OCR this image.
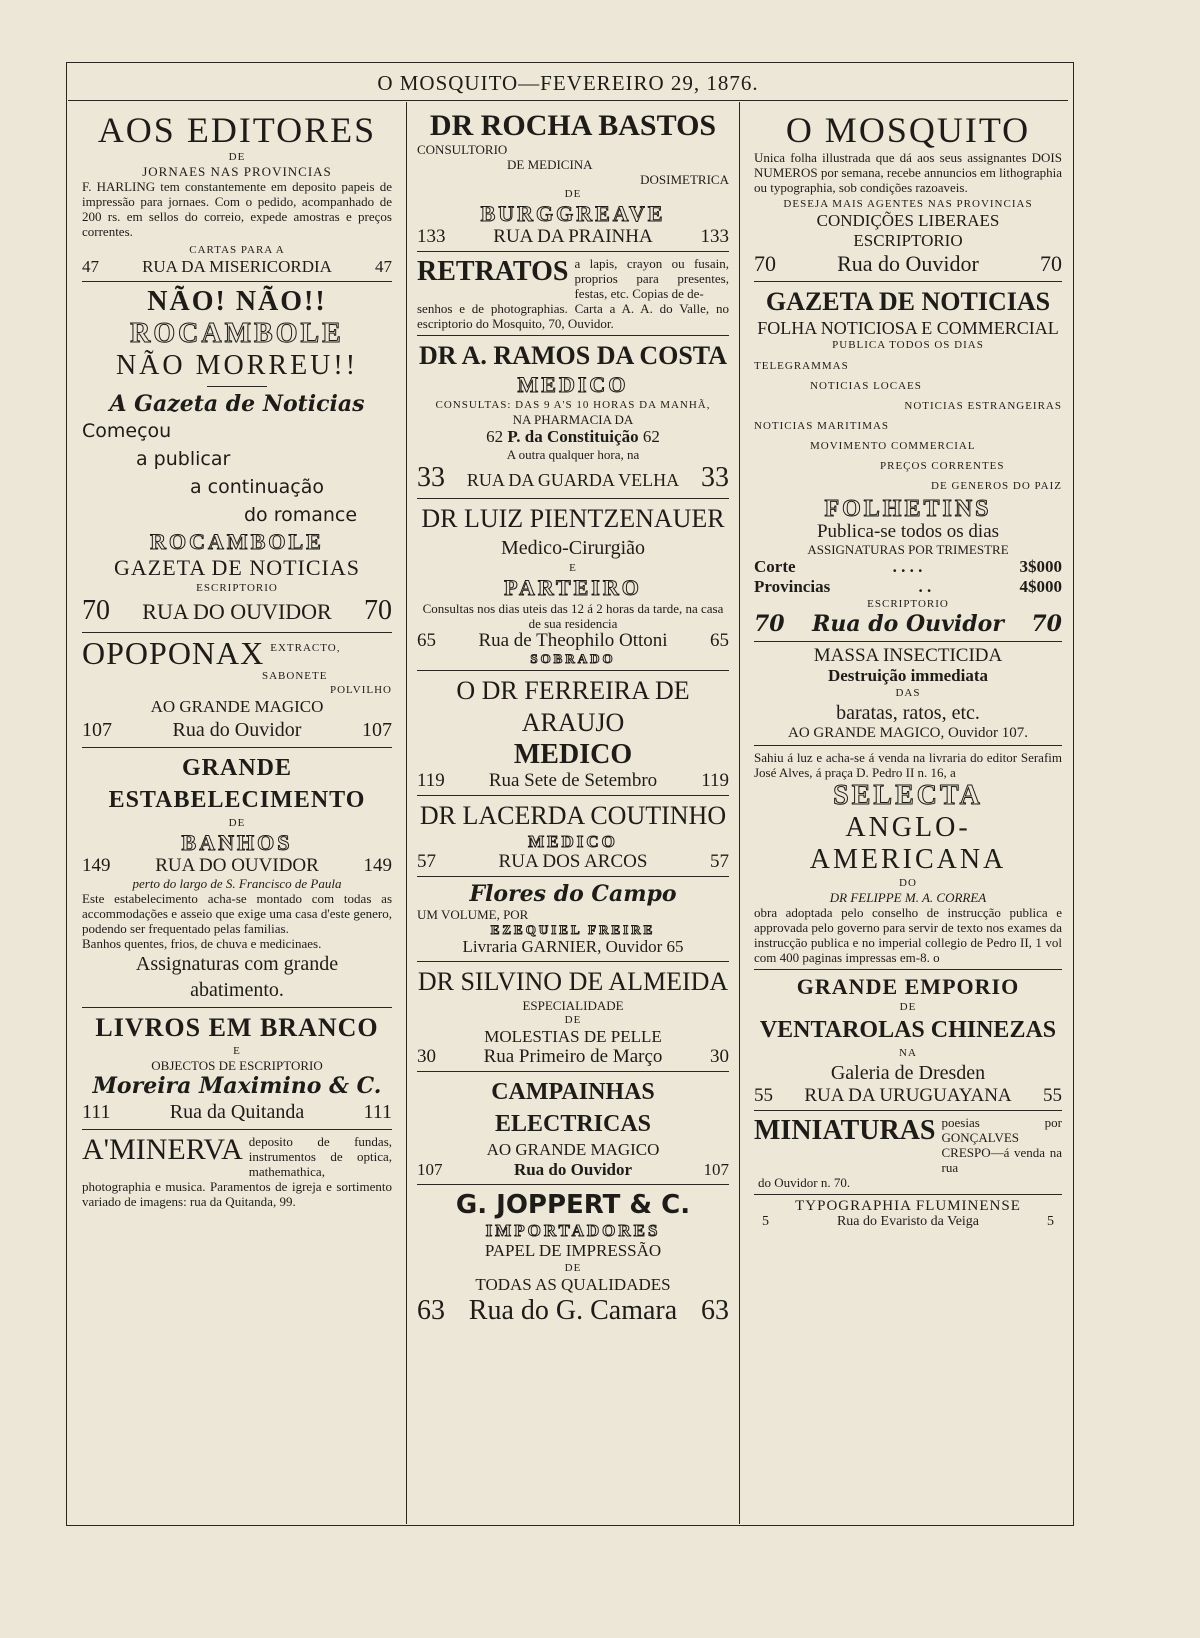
O MOSQUITO—FEVEREIRO 29, 1876.
AOS EDITORES
DE
JORNAES NAS PROVINCIAS

F. HARLING tem constantemente em deposito papeis de impressão para jornaes. Com o pedido, acompanhado de 200 rs. em sellos do correio, expede amostras e preços correntes.

CARTAS PARA A
47	RUA DA MISERICORDIA	47
NÃO! NÃO!!
ROCAMBOLE
NÃO MORREU!!
A Gazeta de Noticias
Começou
a publicar
a continuação
do romance
ROCAMBOLE
GAZETA DE NOTICIAS
ESCRIPTORIO
70 RUA DO OUVIDOR 70
OPOPONAX EXTRACTO,
SABONETE
POLVILHO
AO GRANDE MAGICO
107	Rua do Ouvidor	107
GRANDE ESTABELECIMENTO
DE
BANHOS
149 RUA DO OUVIDOR 149
perto do largo de S. Francisco de Paula

Este estabelecimento acha-se montado com todas as accommodações e asseio que exige uma casa d'este genero, podendo ser frequentado pelas familias.

Banhos quentes, frios, de chuva e medicinaes.

Assignaturas com grande
abatimento.
LIVROS EM BRANCO
E
OBJECTOS DE ESCRIPTORIO
Moreira Maximino & C.
111	Rua da Quitanda	111
A'MINERVA deposito de fundas, instrumentos de optica, mathemathica,

photographia e musica. Paramentos de igreja e sortimento variado de imagens: rua da Quitanda, 99.

DR ROCHA BASTOS
CONSULTORIO
DE MEDICINA
DOSIMETRICA
DE
BURGGREAVE
133	RUA DA PRAINHA	133
RETRATOS a lapis, crayon ou fusain, proprios para presentes, festas, etc. Copias de de-

senhos e de photographias. Carta a A. A. do Valle, no escriptorio do Mosquito, 70, Ouvidor.

DR A. RAMOS DA COSTA
MEDICO
CONSULTAS: DAS 9 A'S 10 HORAS DA MANHÃ,
NA PHARMACIA DA
62 P. da Constituição 62
A outra qualquer hora, na
33 RUA DA GUARDA VELHA 33
DR LUIZ PIENTZENAUER
Medico-Cirurgião
E
PARTEIRO

Consultas nos dias uteis das 12 á 2 horas da tarde, na casa de sua residencia

65 Rua de Theophilo Ottoni 65
SOBRADO
O DR FERREIRA DE ARAUJO
MEDICO
119 Rua Sete de Setembro 119
DR LACERDA COUTINHO
MEDICO
57	RUA DOS ARCOS	57
Flores do Campo
UM VOLUME, POR
EZEQUIEL FREIRE
Livraria GARNIER, Ouvidor 65
DR SILVINO DE ALMEIDA
ESPECIALIDADE
DE
MOLESTIAS DE PELLE
30	Rua Primeiro de Março	30
CAMPAINHAS ELECTRICAS
AO GRANDE MAGICO
107	Rua do Ouvidor	107
G. JOPPERT & C.
IMPORTADORES
PAPEL DE IMPRESSÃO
DE
TODAS AS QUALIDADES
63 Rua do G. Camara 63
O MOSQUITO

Unica folha illustrada que dá aos seus assignantes DOIS NUMEROS por semana, recebe annuncios em lithographia ou typographia, sob condições razoaveis.

DESEJA MAIS AGENTES NAS PROVINCIAS
CONDIÇÕES LIBERAES
ESCRIPTORIO
70	Rua do Ouvidor	70
GAZETA DE NOTICIAS
FOLHA NOTICIOSA E COMMERCIAL
PUBLICA TODOS OS DIAS
TELEGRAMMAS
NOTICIAS LOCAES
NOTICIAS ESTRANGEIRAS
NOTICIAS MARITIMAS
MOVIMENTO COMMERCIAL
PREÇOS CORRENTES
DE GENEROS DO PAIZ
FOLHETINS
Publica-se todos os dias
ASSIGNATURAS POR TRIMESTRE
Corte	. . . .	3$000
Provincias	. .	4$000
ESCRIPTORIO
70 Rua do Ouvidor 70
MASSA INSECTICIDA
Destruição immediata
DAS
baratas, ratos, etc.
AO GRANDE MAGICO, Ouvidor 107.

Sahiu á luz e acha-se á venda na livraria do editor Serafim José Alves, á praça D. Pedro II n. 16, a

SELECTA
ANGLO-AMERICANA
DO
DR FELIPPE M. A. CORREA

obra adoptada pelo conselho de instrucção publica e approvada pelo governo para servir de texto nos exames da instrucção publica e no imperial collegio de Pedro II, 1 vol com 400 paginas impressas em-8. o

GRANDE EMPORIO
DE
VENTAROLAS CHINEZAS
NA
Galeria de Dresden
55 RUA DA URUGUAYANA 55
MINIATURAS poesias por GONÇALVES CRESPO—á venda na rua
do Ouvidor n. 70.
TYPOGRAPHIA FLUMINENSE
5	Rua do Evaristo da Veiga	5
